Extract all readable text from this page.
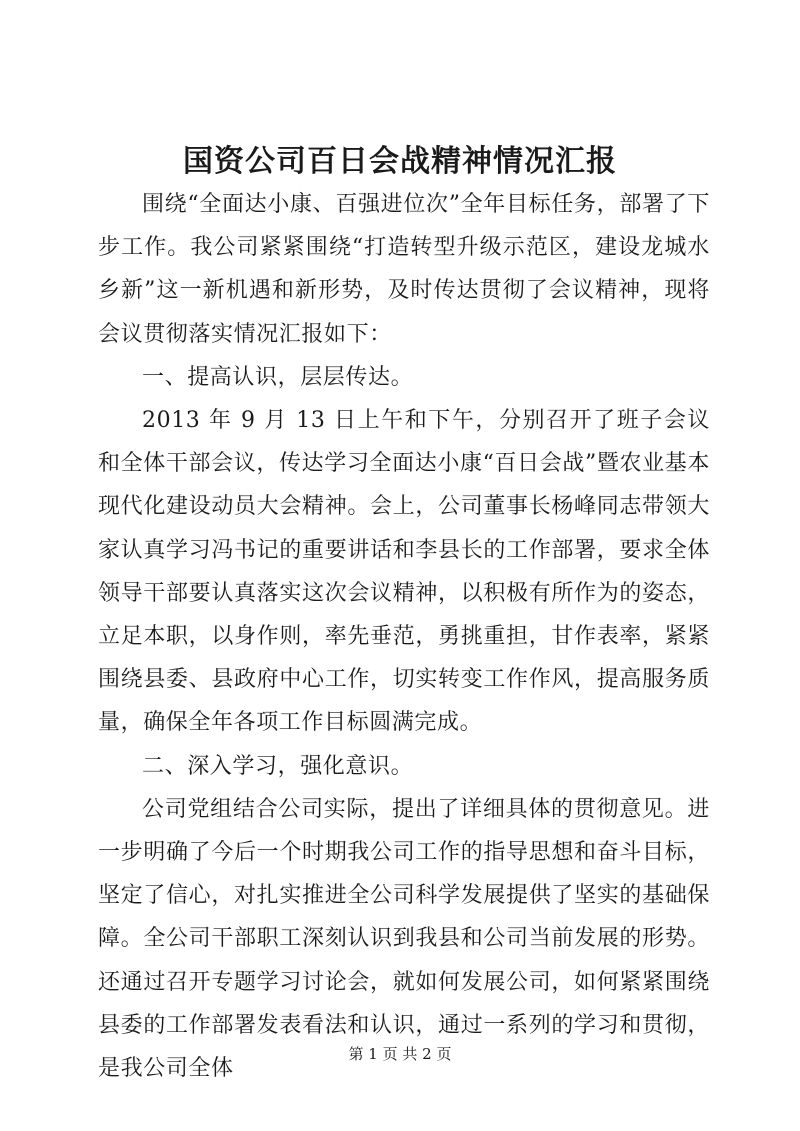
国资公司百日会战精神情况汇报

围绕“全面达小康、百强进位次”全年目标任务，部署了下步工作。我公司紧紧围绕“打造转型升级示范区，建设龙城水乡新”这一新机遇和新形势，及时传达贯彻了会议精神，现将会议贯彻落实情况汇报如下：

一、提高认识，层层传达。

2013 年 9 月 13 日上午和下午，分别召开了班子会议和全体干部会议，传达学习全面达小康“百日会战”暨农业基本现代化建设动员大会精神。会上，公司董事长杨峰同志带领大家认真学习冯书记的重要讲话和李县长的工作部署，要求全体领导干部要认真落实这次会议精神，以积极有所作为的姿态，立足本职，以身作则，率先垂范，勇挑重担，甘作表率，紧紧围绕县委、县政府中心工作，切实转变工作作风，提高服务质量，确保全年各项工作目标圆满完成。

二、深入学习，强化意识。

公司党组结合公司实际，提出了详细具体的贯彻意见。进一步明确了今后一个时期我公司工作的指导思想和奋斗目标，坚定了信心，对扎实推进全公司科学发展提供了坚实的基础保障。全公司干部职工深刻认识到我县和公司当前发展的形势。还通过召开专题学习讨论会，就如何发展公司，如何紧紧围绕县委的工作部署发表看法和认识，通过一系列的学习和贯彻，是我公司全体

第 1 页 共 2 页
